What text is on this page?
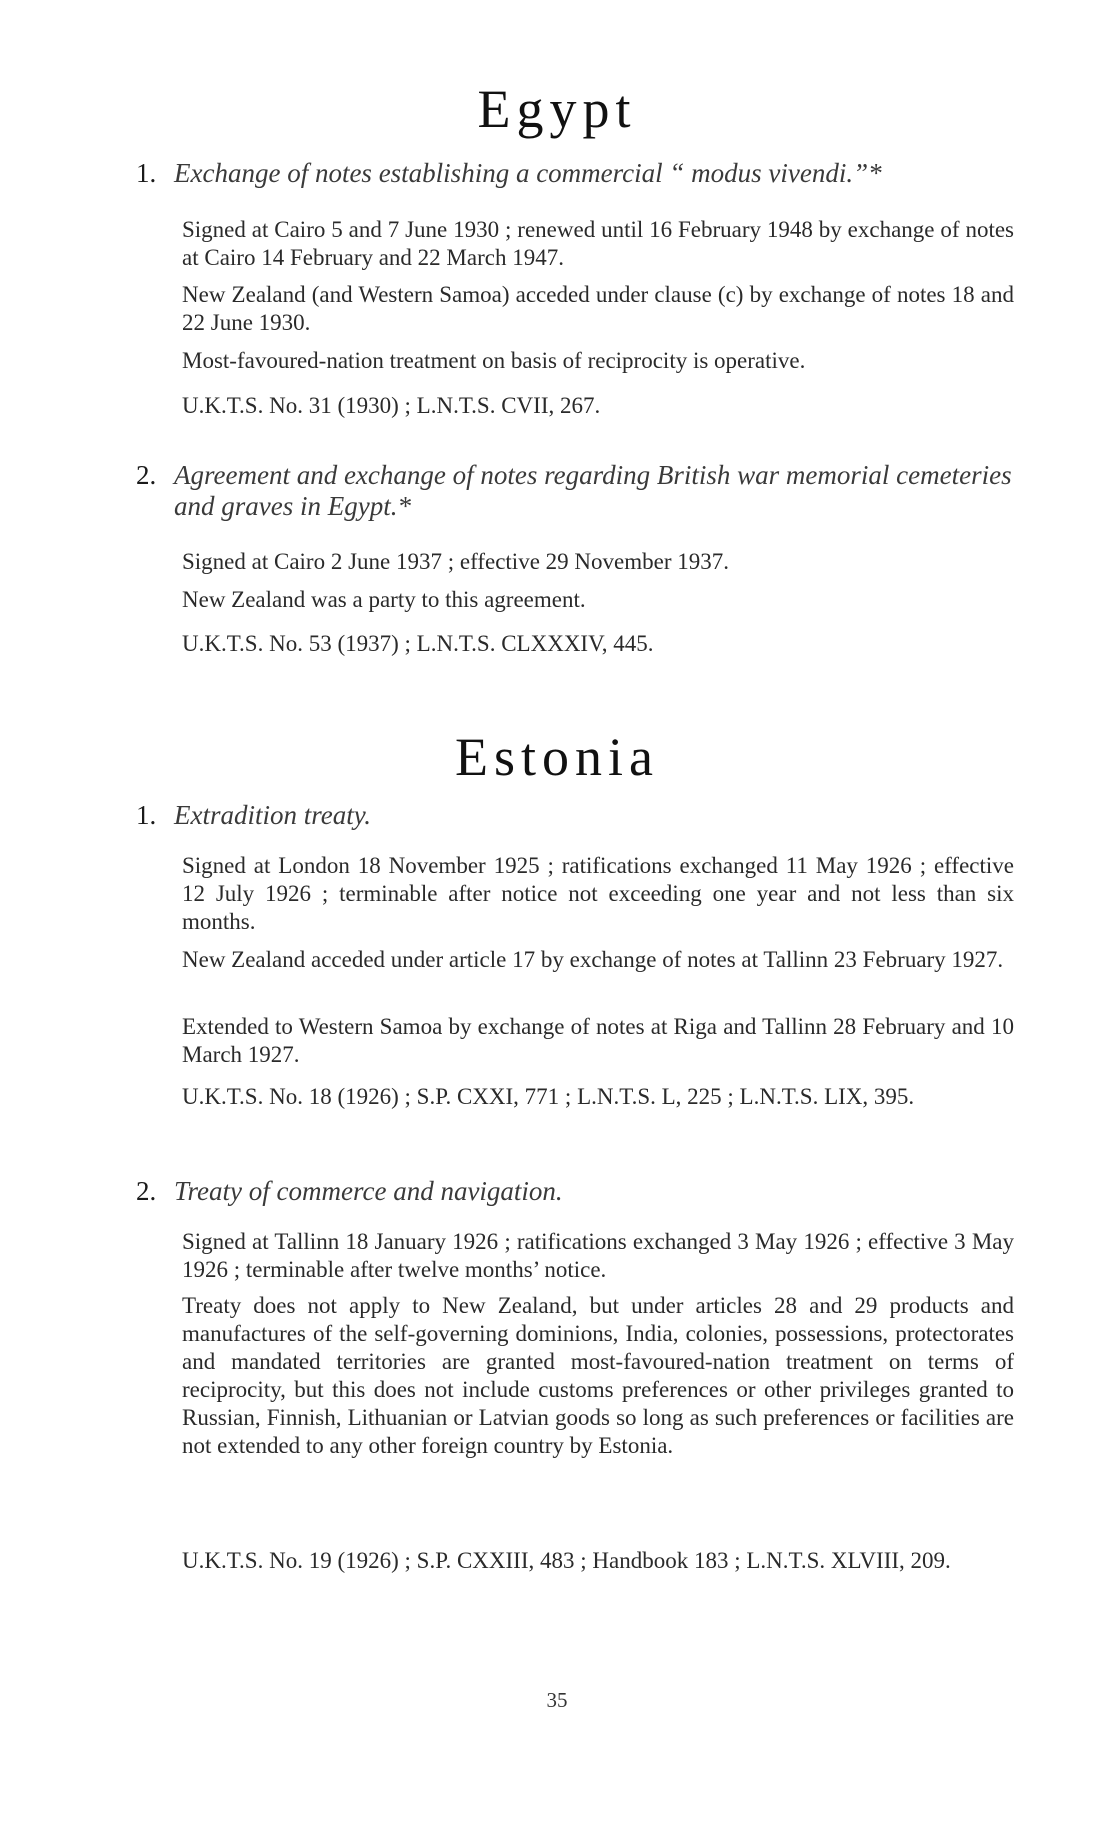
Egypt
1. Exchange of notes establishing a commercial “ modus vivendi.”*

Signed at Cairo 5 and 7 June 1930 ; renewed until 16 February 1948 by exchange of notes at Cairo 14 February and 22 March 1947.

New Zealand (and Western Samoa) acceded under clause (c) by exchange of notes 18 and 22 June 1930.

Most-favoured-nation treatment on basis of reciprocity is operative.

U.K.T.S. No. 31 (1930) ; L.N.T.S. CVII, 267.

2. Agreement and exchange of notes regarding British war memorial cemeteries and graves in Egypt.*

Signed at Cairo 2 June 1937 ; effective 29 November 1937.

New Zealand was a party to this agreement.

U.K.T.S. No. 53 (1937) ; L.N.T.S. CLXXXIV, 445.

Estonia
1. Extradition treaty.

Signed at London 18 November 1925 ; ratifications exchanged 11 May 1926 ; effective 12 July 1926 ; terminable after notice not exceeding one year and not less than six months.

New Zealand acceded under article 17 by exchange of notes at Tallinn 23 February 1927.

Extended to Western Samoa by exchange of notes at Riga and Tallinn 28 February and 10 March 1927.

U.K.T.S. No. 18 (1926) ; S.P. CXXI, 771 ; L.N.T.S. L, 225 ; L.N.T.S. LIX, 395.

2. Treaty of commerce and navigation.

Signed at Tallinn 18 January 1926 ; ratifications exchanged 3 May 1926 ; effective 3 May 1926 ; terminable after twelve months’ notice.

Treaty does not apply to New Zealand, but under articles 28 and 29 products and manufactures of the self-governing dominions, India, colonies, possessions, protectorates and mandated territories are granted most-favoured-nation treatment on terms of reciprocity, but this does not include customs preferences or other privileges granted to Russian, Finnish, Lithuanian or Latvian goods so long as such preferences or facilities are not extended to any other foreign country by Estonia.

U.K.T.S. No. 19 (1926) ; S.P. CXXIII, 483 ; Handbook 183 ; L.N.T.S. XLVIII, 209.

35
